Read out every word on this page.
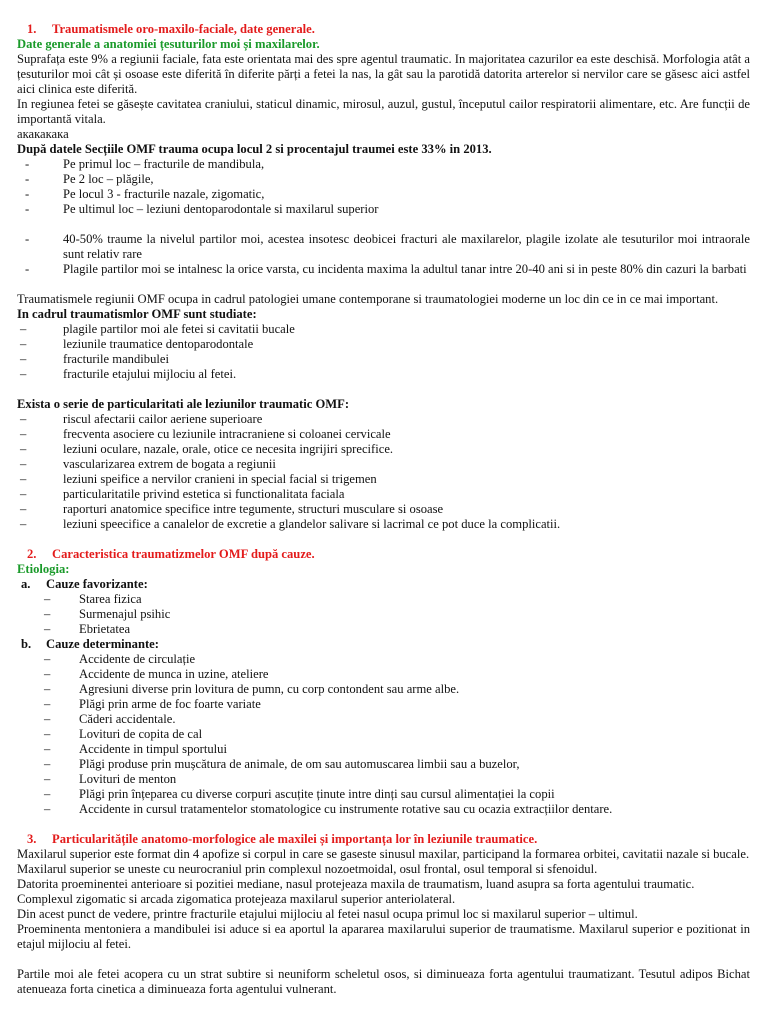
1.	Traumatismele oro-maxilo-faciale, date generale.

Date generale a anatomiei țesuturilor moi și maxilarelor.

Suprafața este 9% a regiunii faciale, fata este orientata mai des spre agentul traumatic. In majoritatea cazurilor ea este deschisă. Morfologia atât a țesuturilor moi cât și osoase este diferită în diferite părți a fetei la nas, la gât sau la parotidă datorita arterelor si nervilor care se găsesc aici astfel aici clinica este diferită.

In regiunea fetei se găsește cavitatea craniului, staticul dinamic, mirosul, auzul, gustul, începutul cailor respiratorii alimentare, etc. Are funcții de importantă vitala.

акакакака

După datele Secțiile OMF trauma ocupa locul 2 si procentajul traumei este 33% in 2013.

-	Pe primul loc – fracturile de mandibula,
-	Pe 2 loc – plăgile,
-	Pe locul 3 - fracturile nazale, zigomatic,
-	Pe ultimul loc – leziuni dentoparodontale si maxilarul superior
-	40-50% traume la nivelul partilor moi, acestea insotesc deobicei fracturi ale maxilarelor, plagile izolate ale tesuturilor moi intraorale sunt relativ rare
-	Plagile partilor moi se intalnesc la orice varsta, cu incidenta maxima la adultul tanar intre 20-40 ani si in peste 80% din cazuri la barbati

Traumatismele regiunii OMF ocupa in cadrul patologiei umane contemporane si traumatologiei moderne un loc din ce in ce mai important.

In cadrul traumatismlor OMF sunt studiate:

–	plagile partilor moi ale fetei si cavitatii bucale
–	leziunile traumatice dentoparodontale
–	fracturile mandibulei
–	fracturile etajului mijlociu al fetei.

Exista o serie de particularitati ale leziunilor traumatic OMF:

–	riscul afectarii cailor aeriene superioare
–	frecventa asociere cu leziunile intracraniene si coloanei cervicale
–	leziuni oculare, nazale, orale, otice ce necesita ingrijiri sprecifice.
–	vascularizarea extrem de bogata a regiunii
–	leziuni speifice a nervilor cranieni in special facial si trigemen
–	particularitatile privind estetica si functionalitata faciala
–	raporturi anatomice specifice intre tegumente, structuri musculare si osoase
–	leziuni speecifice a canalelor de excretie a glandelor salivare si lacrimal ce pot duce la complicatii.
2.	Caracteristica traumatizmelor OMF după cauze.

Etiologia:

a.	Cauze favorizante:
–	Starea fizica
–	Surmenajul psihic
–	Ebrietatea
b.	Cauze determinante:
–	Accidente de circulație
–	Accidente de munca in uzine, ateliere
–	Agresiuni diverse prin lovitura de pumn, cu corp contondent sau arme albe.
–	Plăgi prin arme de foc foarte variate
–	Căderi accidentale.
–	Lovituri de copita de cal
–	Accidente in timpul sportului
–	Plăgi produse prin mușcătura de animale, de om sau automuscarea limbii sau a buzelor,
–	Lovituri de menton
–	Plăgi prin înțeparea cu diverse corpuri ascuțite ținute intre dinți sau cursul alimentației la copii
–	Accidente in cursul tratamentelor stomatologice cu instrumente rotative sau cu ocazia extracțiilor dentare.
3.	Particularitățile anatomo-morfologice ale maxilei și importanța lor în leziunile traumatice.

Maxilarul superior este format din 4 apofize si corpul in care se gaseste sinusul maxilar, participand la formarea orbitei, cavitatii nazale si bucale.

Maxilarul superior se uneste cu neurocraniul prin complexul nozoetmoidal, osul frontal, osul temporal si sfenoidul.

Datorita proeminentei anterioare si pozitiei mediane, nasul protejeaza maxila de traumatism, luand asupra sa forta agentului traumatic.

Complexul zigomatic si arcada zigomatica protejeaza maxilarul superior anteriolateral.

Din acest punct de vedere, printre fracturile etajului mijlociu al fetei nasul ocupa primul loc si maxilarul superior – ultimul.

Proeminenta mentoniera a mandibulei isi aduce si ea aportul la apararea maxilarului superior de traumatisme. Maxilarul superior e pozitionat in etajul mijlociu al fetei.

Partile moi ale fetei acopera cu un strat subtire si neuniform scheletul osos, si diminueaza forta agentului traumatizant. Tesutul adipos Bichat atenueaza forta cinetica a diminueaza forta agentului vulnerant.
